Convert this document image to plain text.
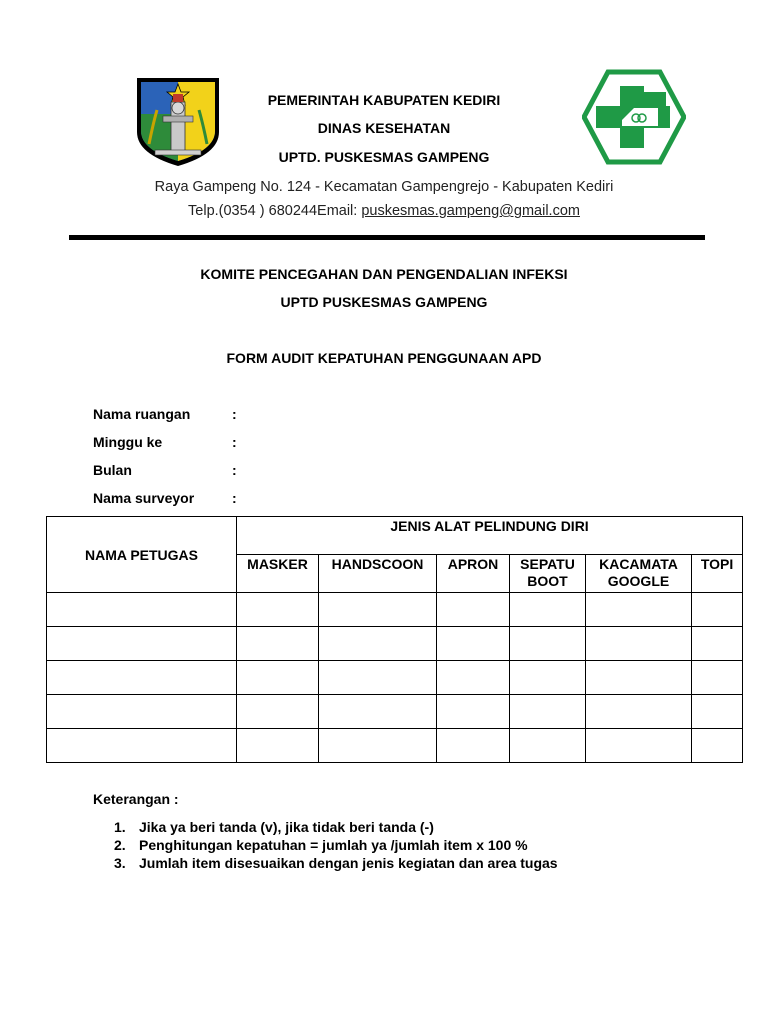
PEMERINTAH KABUPATEN KEDIRI
DINAS KESEHATAN
UPTD. PUSKESMAS GAMPENG
Raya Gampeng No. 124 - Kecamatan Gampengrejo - Kabupaten Kediri
Telp.(0354 ) 680244Email: puskesmas.gampeng@gmail.com
KOMITE PENCEGAHAN DAN PENGENDALIAN INFEKSI
UPTD PUSKESMAS GAMPENG
FORM AUDIT KEPATUHAN PENGGUNAAN APD
Nama ruangan	:
Minggu ke	:
Bulan	:
Nama surveyor	:
NAMA PETUGAS	JENIS ALAT PELINDUNG DIRI					
	MASKER	HANDSCOON	APRON	SEPATU BOOT	KACAMATA GOOGLE	TOPI

Keterangan :
1. Jika ya beri tanda (v), jika tidak beri tanda (-)
2. Penghitungan kepatuhan = jumlah ya /jumlah item x 100 %
3. Jumlah item disesuaikan dengan jenis kegiatan dan area tugas
